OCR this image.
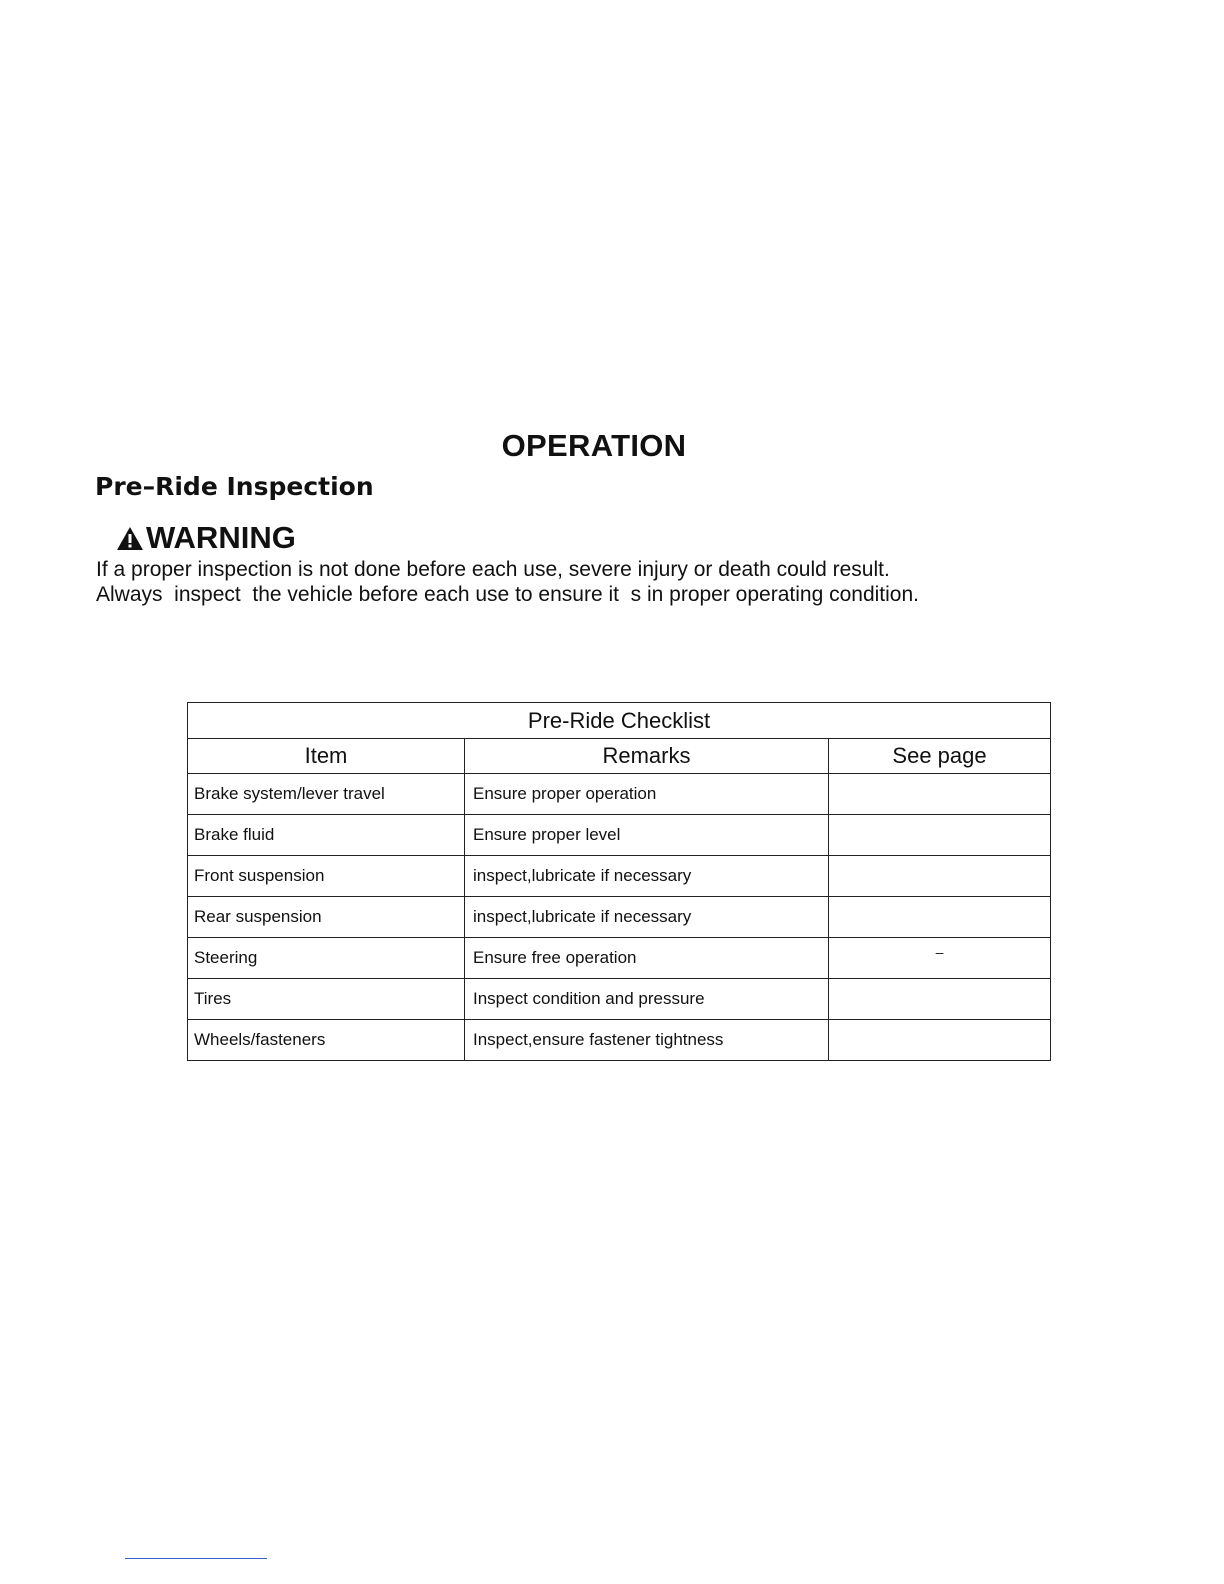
OPERATION
Pre–Ride Inspection
WARNING
If a proper inspection is not done before each use, severe injury or death could result.
Always  inspect  the vehicle before each use to ensure it  s in proper operating condition.
Pre-Ride Checklist		
Item	Remarks	See page
Brake system/lever travel	Ensure proper operation	
Brake fluid	Ensure proper level	
Front suspension	inspect,lubricate if necessary	
Rear suspension	inspect,lubricate if necessary	
Steering	Ensure free operation	–
Tires	Inspect condition and pressure	
Wheels/fasteners	Inspect,ensure fastener tightness	
